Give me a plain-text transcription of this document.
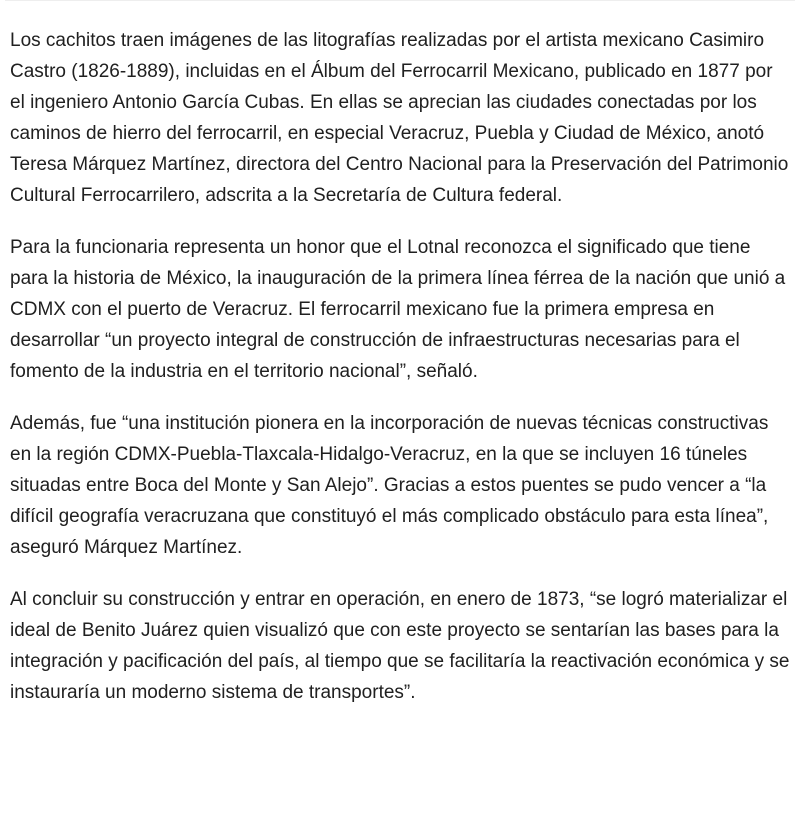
Los cachitos traen imágenes de las litografías realizadas por el artista mexicano Casimiro Castro (1826-1889), incluidas en el Álbum del Ferrocarril Mexicano, publicado en 1877 por el ingeniero Antonio García Cubas. En ellas se aprecian las ciudades conectadas por los caminos de hierro del ferrocarril, en especial Veracruz, Puebla y Ciudad de México, anotó Teresa Márquez Martínez, directora del Centro Nacional para la Preservación del Patrimonio Cultural Ferrocarrilero, adscrita a la Secretaría de Cultura federal.

Para la funcionaria representa un honor que el Lotnal reconozca el significado que tiene para la historia de México, la inauguración de la primera línea férrea de la nación que unió a CDMX con el puerto de Veracruz. El ferrocarril mexicano fue la primera empresa en desarrollar “un proyecto integral de construcción de infraestructuras necesarias para el fomento de la industria en el territorio nacional”, señaló.

Además, fue “una institución pionera en la incorporación de nuevas técnicas constructivas en la región CDMX-Puebla-Tlaxcala-Hidalgo-Veracruz, en la que se incluyen 16 túneles situadas entre Boca del Monte y San Alejo”. Gracias a estos puentes se pudo vencer a “la difícil geografía veracruzana que constituyó el más complicado obstáculo para esta línea”, aseguró Márquez Martínez.

Al concluir su construcción y entrar en operación, en enero de 1873, “se logró materializar el ideal de Benito Juárez quien visualizó que con este proyecto se sentarían las bases para la integración y pacificación del país, al tiempo que se facilitaría la reactivación económica y se instauraría un moderno sistema de transportes”.
